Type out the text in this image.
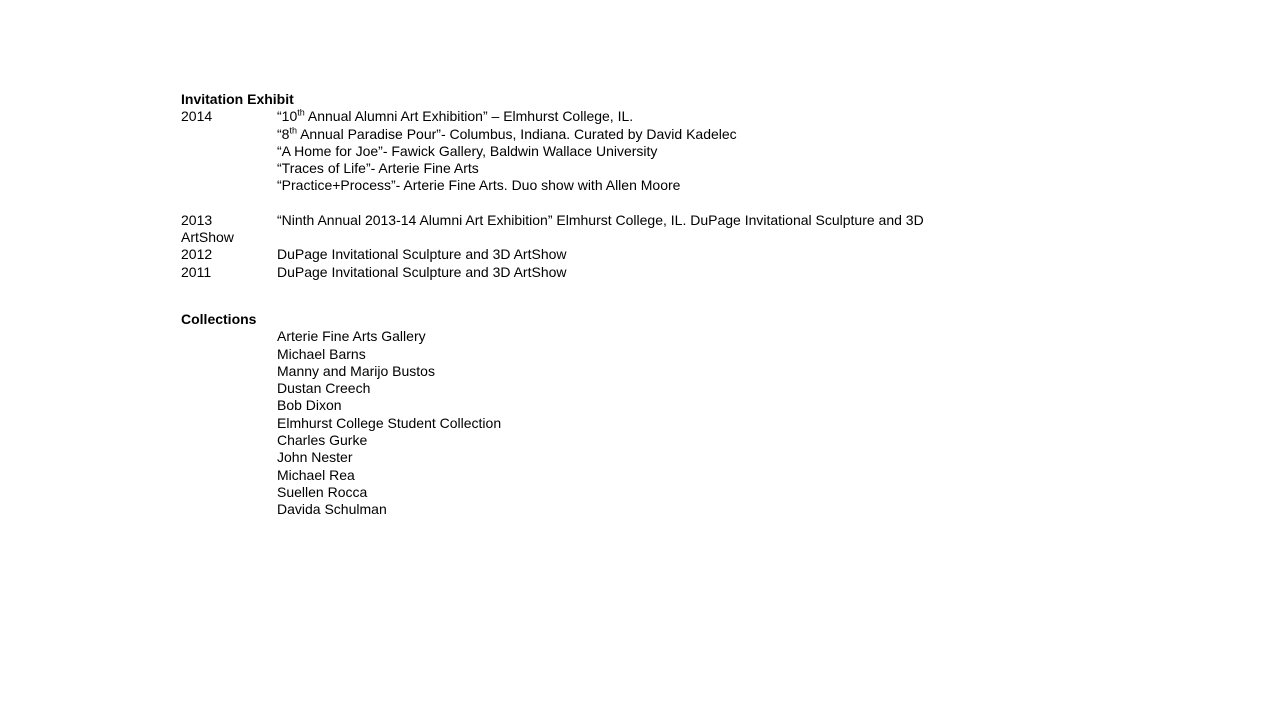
Invitation Exhibit
2014	“10th Annual Alumni Art Exhibition” – Elmhurst College, IL.
“8th Annual Paradise Pour”- Columbus, Indiana. Curated by David Kadelec
“A Home for Joe”- Fawick Gallery, Baldwin Wallace University
“Traces of Life”- Arterie Fine Arts
“Practice+Process”- Arterie Fine Arts. Duo show with Allen Moore
2013	“Ninth Annual 2013-14 Alumni Art Exhibition” Elmhurst College, IL. DuPage Invitational Sculpture and 3D
ArtShow
2012	DuPage Invitational Sculpture and 3D ArtShow
2011	DuPage Invitational Sculpture and 3D ArtShow
Collections
Arterie Fine Arts Gallery
Michael Barns
Manny and Marijo Bustos
Dustan Creech
Bob Dixon
Elmhurst College Student Collection
Charles Gurke
John Nester
Michael Rea
Suellen Rocca
Davida Schulman
